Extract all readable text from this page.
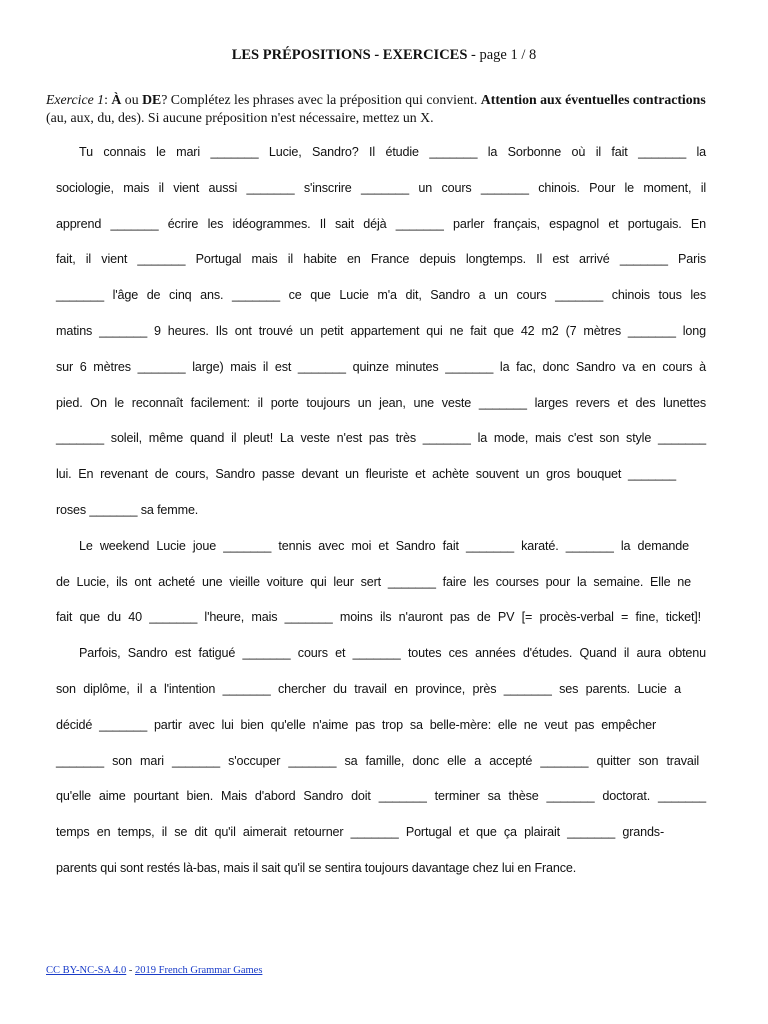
LES PRÉPOSITIONS - EXERCICES - page 1 / 8
Exercice 1: À ou DE? Complétez les phrases avec la préposition qui convient. Attention aux éventuelles contractions (au, aux, du, des). Si aucune préposition n'est nécessaire, mettez un X.
Tu connais le mari _______ Lucie, Sandro? Il étudie _______ la Sorbonne où il fait _______ la
sociologie, mais il vient aussi _______ s'inscrire _______ un cours _______ chinois. Pour le moment, il
apprend _______ écrire les idéogrammes. Il sait déjà _______ parler français, espagnol et portugais. En
fait, il vient _______ Portugal mais il habite en France depuis longtemps. Il est arrivé _______ Paris
_______ l'âge de cinq ans. _______ ce que Lucie m'a dit, Sandro a un cours _______ chinois tous les
matins _______ 9 heures. Ils ont trouvé un petit appartement qui ne fait que 42 m2 (7 mètres _______ long
sur 6 mètres _______ large) mais il est _______ quinze minutes _______ la fac, donc Sandro va en cours à
pied. On le reconnaît facilement: il porte toujours un jean, une veste _______ larges revers et des lunettes
_______ soleil, même quand il pleut! La veste n'est pas très _______ la mode, mais c'est son style _______
lui. En revenant de cours, Sandro passe devant un fleuriste et achète souvent un gros bouquet _______
roses _______ sa femme.
Le weekend Lucie joue _______ tennis avec moi et Sandro fait _______ karaté. _______ la demande
de Lucie, ils ont acheté une vieille voiture qui leur sert _______ faire les courses pour la semaine. Elle ne
fait que du 40 _______ l'heure, mais _______ moins ils n'auront pas de PV [= procès-verbal = fine, ticket]!
Parfois, Sandro est fatigué _______ cours et _______ toutes ces années d'études. Quand il aura obtenu
son diplôme, il a l'intention _______ chercher du travail en province, près _______ ses parents. Lucie a
décidé _______ partir avec lui bien qu'elle n'aime pas trop sa belle-mère: elle ne veut pas empêcher
_______ son mari _______ s'occuper _______ sa famille, donc elle a accepté _______ quitter son travail
qu'elle aime pourtant bien. Mais d'abord Sandro doit _______ terminer sa thèse _______ doctorat. _______
temps en temps, il se dit qu'il aimerait retourner _______ Portugal et que ça plairait _______ grands-
parents qui sont restés là-bas, mais il sait qu'il se sentira toujours davantage chez lui en France.
CC BY-NC-SA 4.0 - 2019 French Grammar Games
